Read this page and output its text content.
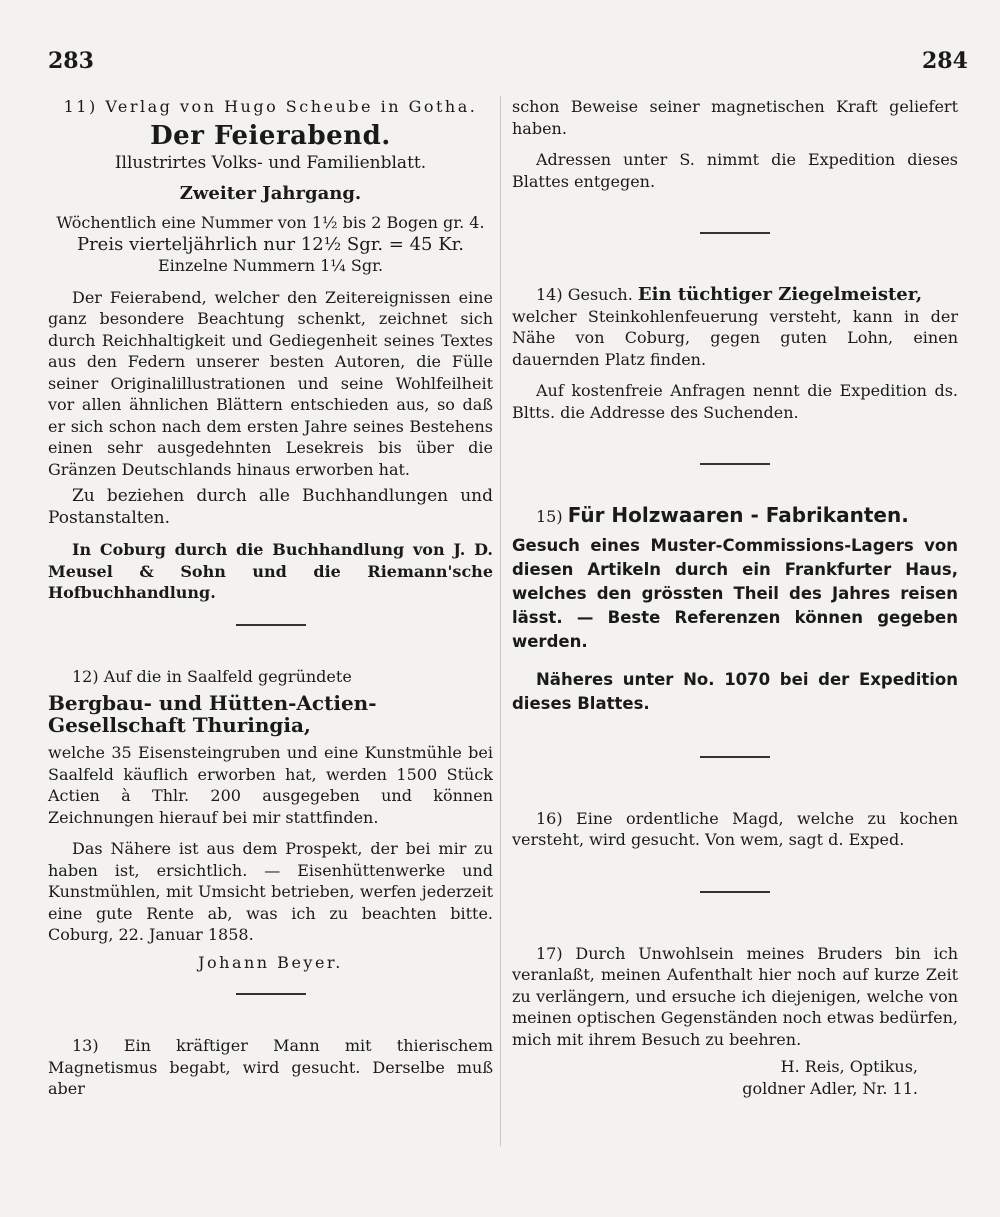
283	284

11) Verlag von Hugo Scheube in Gotha.

Der Feierabend.

Illustrirtes Volks- und Familienblatt.

Zweiter Jahrgang.

Wöchentlich eine Nummer von 1½ bis 2 Bogen gr. 4.

Preis vierteljährlich nur 12½ Sgr. = 45 Kr.

Einzelne Nummern 1¼ Sgr.

Der Feierabend, welcher den Zeitereignissen eine ganz besondere Beachtung schenkt, zeichnet sich durch Reichhaltigkeit und Gediegenheit seines Textes aus den Federn unserer besten Autoren, die Fülle seiner Originalillustrationen und seine Wohlfeilheit vor allen ähnlichen Blättern entschieden aus, so daß er sich schon nach dem ersten Jahre seines Bestehens einen sehr ausgedehnten Lesekreis bis über die Gränzen Deutschlands hinaus erworben hat.

Zu beziehen durch alle Buchhandlungen und Postanstalten.

In Coburg durch die Buchhandlung von J. D. Meusel & Sohn und die Riemann'sche Hofbuchhandlung.

12) Auf die in Saalfeld gegründete

Bergbau- und Hütten-Actien-Gesellschaft Thuringia,

welche 35 Eisensteingruben und eine Kunstmühle bei Saalfeld käuflich erworben hat, werden 1500 Stück Actien à Thlr. 200 ausgegeben und können Zeichnungen hierauf bei mir stattfinden.

Das Nähere ist aus dem Prospekt, der bei mir zu haben ist, ersichtlich. — Eisenhüttenwerke und Kunstmühlen, mit Umsicht betrieben, werfen jederzeit eine gute Rente ab, was ich zu beachten bitte. Coburg, 22. Januar 1858.

Johann Beyer.

13) Ein kräftiger Mann mit thierischem Magnetismus begabt, wird gesucht. Derselbe muß aber

schon Beweise seiner magnetischen Kraft geliefert haben.

Adressen unter S. nimmt die Expedition dieses Blattes entgegen.

14) Gesuch. Ein tüchtiger Ziegelmeister,

welcher Steinkohlenfeuerung versteht, kann in der Nähe von Coburg, gegen guten Lohn, einen dauernden Platz finden.

Auf kostenfreie Anfragen nennt die Expedition ds. Bltts. die Addresse des Suchenden.

15) Für Holzwaaren - Fabrikanten.

Gesuch eines Muster-Commissions-Lagers von diesen Artikeln durch ein Frankfurter Haus, welches den grössten Theil des Jahres reisen lässt. — Beste Referenzen können gegeben werden.

Näheres unter No. 1070 bei der Expedition dieses Blattes.

16) Eine ordentliche Magd, welche zu kochen versteht, wird gesucht. Von wem, sagt d. Exped.

17) Durch Unwohlsein meines Bruders bin ich veranlaßt, meinen Aufenthalt hier noch auf kurze Zeit zu verlängern, und ersuche ich diejenigen, welche von meinen optischen Gegenständen noch etwas bedürfen, mich mit ihrem Besuch zu beehren.

H. Reis, Optikus,

goldner Adler, Nr. 11.
